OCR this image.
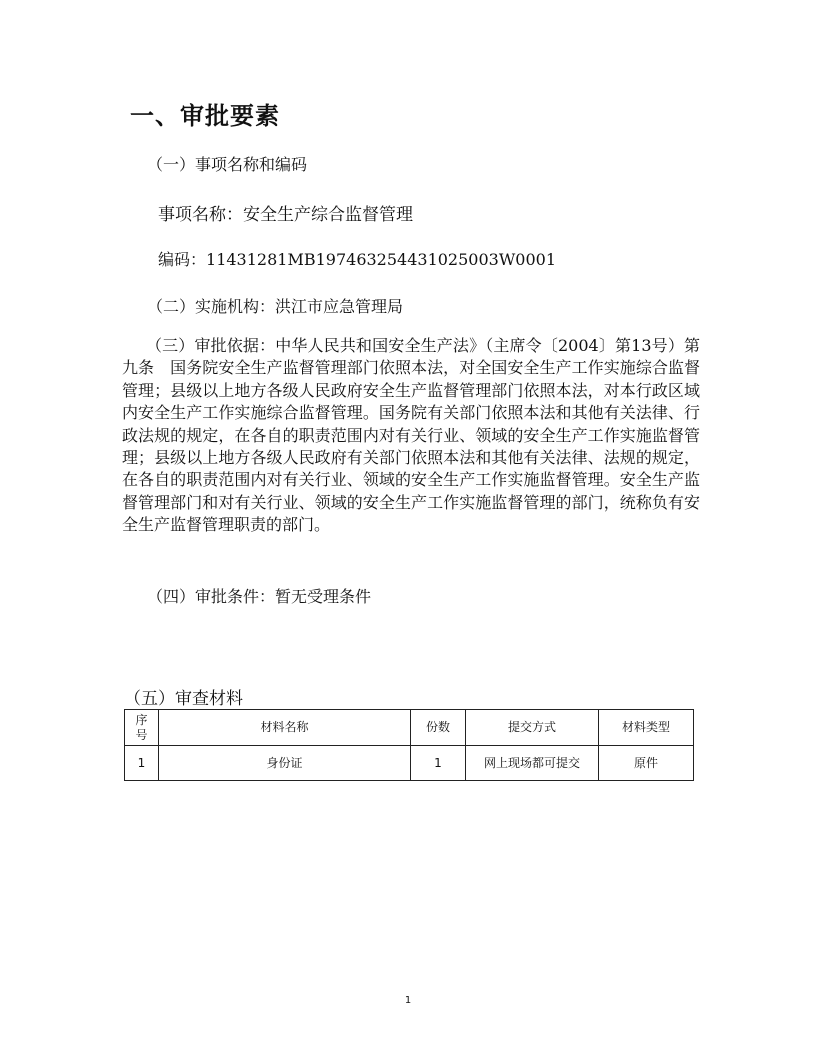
一、审批要素
（一）事项名称和编码
事项名称：安全生产综合监督管理
编码：11431281MB197463254431025003W0001
（二）实施机构：洪江市应急管理局
（三）审批依据：中华人民共和国安全生产法》（主席令〔2004〕第13号）第九条　国务院安全生产监督管理部门依照本法，对全国安全生产工作实施综合监督管理；县级以上地方各级人民政府安全生产监督管理部门依照本法，对本行政区域内安全生产工作实施综合监督管理。国务院有关部门依照本法和其他有关法律、行政法规的规定，在各自的职责范围内对有关行业、领域的安全生产工作实施监督管理；县级以上地方各级人民政府有关部门依照本法和其他有关法律、法规的规定，在各自的职责范围内对有关行业、领域的安全生产工作实施监督管理。安全生产监督管理部门和对有关行业、领域的安全生产工作实施监督管理的部门，统称负有安全生产监督管理职责的部门。
（四）审批条件：暂无受理条件
（五）审查材料
序号	材料名称	份数	提交方式	材料类型
1	身份证	1	网上现场都可提交	原件
1
